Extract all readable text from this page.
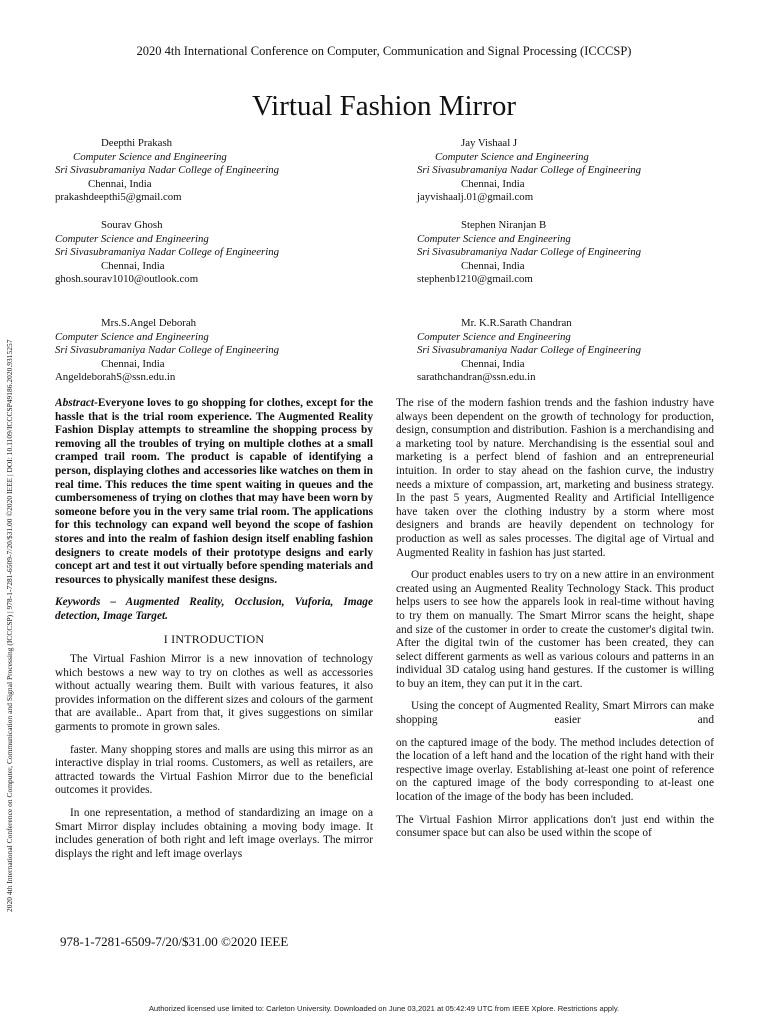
2020 4th International Conference on Computer, Communication and Signal Processing (ICCCSP)
2020 4th International Conference on Computer, Communication and Signal Processing (ICCCSP) | 978-1-7281-6509-7/20/$31.00 ©2020 IEEE | DOI: 10.1109/ICCCSP49186.2020.9315257
Virtual Fashion Mirror
Deepthi Prakash
Computer Science and Engineering
Sri Sivasubramaniya Nadar College of Engineering
Chennai, India
prakashdeepthi5@gmail.com
Jay Vishaal J
Computer Science and Engineering
Sri Sivasubramaniya Nadar College of Engineering
Chennai, India
jayvishaalj.01@gmail.com
Sourav Ghosh
Computer Science and Engineering
Sri Sivasubramaniya Nadar College of Engineering
Chennai, India
ghosh.sourav1010@outlook.com
Stephen Niranjan B
Computer Science and Engineering
Sri Sivasubramaniya Nadar College of Engineering
Chennai, India
stephenb1210@gmail.com
Mrs.S.Angel Deborah
Computer Science and Engineering
Sri Sivasubramaniya Nadar College of Engineering
Chennai, India
AngeldeborahS@ssn.edu.in
Mr. K.R.Sarath Chandran
Computer Science and Engineering
Sri Sivasubramaniya Nadar College of Engineering
Chennai, India
sarathchandran@ssn.edu.in

Abstract-Everyone loves to go shopping for clothes, except for the hassle that is the trial room experience. The Augmented Reality Fashion Display attempts to streamline the shopping process by removing all the troubles of trying on multiple clothes at a small cramped trail room. The product is capable of identifying a person, displaying clothes and accessories like watches on them in real time. This reduces the time spent waiting in queues and the cumbersomeness of trying on clothes that may have been worn by someone before you in the very same trial room. The applications for this technology can expand well beyond the scope of fashion stores and into the realm of fashion design itself enabling fashion designers to create models of their prototype designs and early concept art and test it out virtually before spending materials and resources to physically manifest these designs.

Keywords – Augmented Reality, Occlusion, Vuforia, Image detection, Image Target.

I INTRODUCTION

The Virtual Fashion Mirror is a new innovation of technology which bestows a new way to try on clothes as well as accessories without actually wearing them. Built with various features, it also provides information on the different sizes and colours of the garment that are available.. Apart from that, it gives suggestions on similar garments to promote in grown sales.

faster. Many shopping stores and malls are using this mirror as an interactive display in trial rooms. Customers, as well as retailers, are attracted towards the Virtual Fashion Mirror due to the beneficial outcomes it provides.

In one representation, a method of standardizing an image on a Smart Mirror display includes obtaining a moving body image. It includes generation of both right and left image overlays. The mirror displays the right and left image overlays

The rise of the modern fashion trends and the fashion industry have always been dependent on the growth of technology for production, design, consumption and distribution. Fashion is a merchandising and a marketing tool by nature. Merchandising is the essential soul and marketing is a perfect blend of fashion and an entrepreneurial intuition. In order to stay ahead on the fashion curve, the industry needs a mixture of compassion, art, marketing and business strategy. In the past 5 years, Augmented Reality and Artificial Intelligence have taken over the clothing industry by a storm where most designers and brands are heavily dependent on technology for production as well as sales processes. The digital age of Virtual and Augmented Reality in fashion has just started.

Our product enables users to try on a new attire in an environment created using an Augmented Reality Technology Stack. This product helps users to see how the apparels look in real-time without having to try them on manually. The Smart Mirror scans the height, shape and size of the customer in order to create the customer's digital twin. After the digital twin of the customer has been created, they can select different garments as well as various colours and patterns in an individual 3D catalog using hand gestures. If the customer is willing to buy an item, they can put it in the cart.

Using the concept of Augmented Reality, Smart Mirrors can make shopping easier and

on the captured image of the body. The method includes detection of the location of a left hand and the location of the right hand with their respective image overlay. Establishing at-least one point of reference on the captured image of the body corresponding to at-least one location of the image of the body has been included.

The Virtual Fashion Mirror applications don't just end within the consumer space but can also be used within the scope of

978-1-7281-6509-7/20/$31.00 ©2020 IEEE
Authorized licensed use limited to: Carleton University. Downloaded on June 03,2021 at 05:42:49 UTC from IEEE Xplore. Restrictions apply.
